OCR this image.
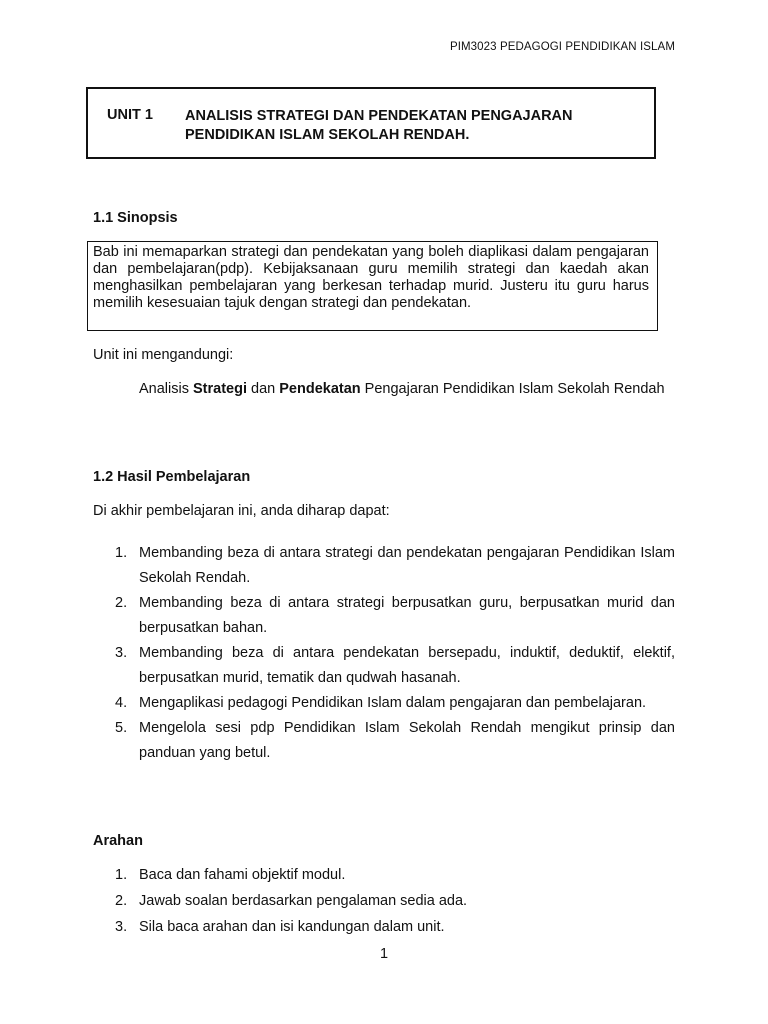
PIM3023 PEDAGOGI PENDIDIKAN ISLAM
UNIT 1 ANALISIS STRATEGI DAN PENDEKATAN PENGAJARAN PENDIDIKAN ISLAM SEKOLAH RENDAH.
1.1 Sinopsis
Bab ini memaparkan strategi dan pendekatan yang boleh diaplikasi dalam pengajaran dan pembelajaran(pdp). Kebijaksanaan guru memilih strategi dan kaedah akan menghasilkan pembelajaran yang berkesan terhadap murid. Justeru itu guru harus memilih kesesuaian tajuk dengan strategi dan pendekatan.
Unit ini mengandungi:
Analisis Strategi dan Pendekatan Pengajaran Pendidikan Islam Sekolah Rendah
1.2 Hasil Pembelajaran
Di akhir pembelajaran ini, anda diharap dapat:
1. Membanding beza di antara strategi dan pendekatan pengajaran Pendidikan Islam Sekolah Rendah.
2. Membanding beza di antara strategi berpusatkan guru, berpusatkan murid dan berpusatkan bahan.
3. Membanding beza di antara pendekatan bersepadu, induktif, deduktif, elektif, berpusatkan murid, tematik dan qudwah hasanah.
4. Mengaplikasi pedagogi Pendidikan Islam dalam pengajaran dan pembelajaran.
5. Mengelola sesi pdp Pendidikan Islam Sekolah Rendah mengikut prinsip dan panduan yang betul.
Arahan
1. Baca dan fahami objektif modul.
2. Jawab soalan berdasarkan pengalaman sedia ada.
3. Sila baca arahan dan isi kandungan dalam unit.
1
